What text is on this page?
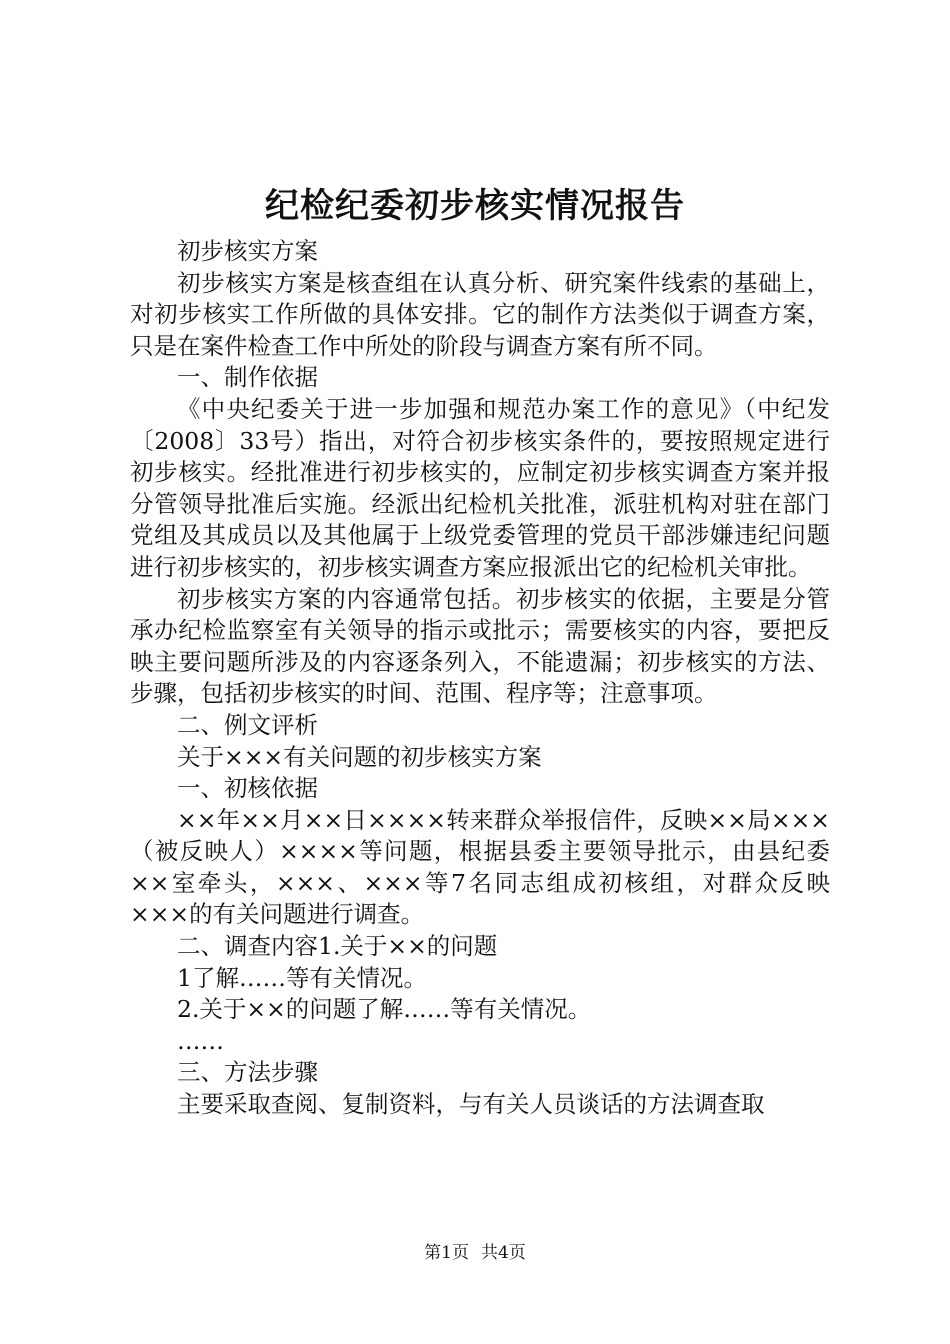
纪检纪委初步核实情况报告

初步核实方案

初步核实方案是核查组在认真分析、研究案件线索的基础上，对初步核实工作所做的具体安排。它的制作方法类似于调查方案，只是在案件检查工作中所处的阶段与调查方案有所不同。

一、制作依据

《中央纪委关于进一步加强和规范办案工作的意见》（中纪发〔2008〕33号）指出，对符合初步核实条件的，要按照规定进行初步核实。经批准进行初步核实的，应制定初步核实调查方案并报分管领导批准后实施。经派出纪检机关批准，派驻机构对驻在部门党组及其成员以及其他属于上级党委管理的党员干部涉嫌违纪问题进行初步核实的，初步核实调查方案应报派出它的纪检机关审批。

初步核实方案的内容通常包括。初步核实的依据，主要是分管承办纪检监察室有关领导的指示或批示；需要核实的内容，要把反映主要问题所涉及的内容逐条列入，不能遗漏；初步核实的方法、步骤，包括初步核实的时间、范围、程序等；注意事项。

二、例文评析

关于×××有关问题的初步核实方案

一、初核依据

××年××月××日××××转来群众举报信件，反映××局×××（被反映人）××××等问题，根据县委主要领导批示，由县纪委××室牵头，×××、×××等7名同志组成初核组，对群众反映×××的有关问题进行调查。

二、调查内容1.关于××的问题

1了解……等有关情况。

2.关于××的问题了解……等有关情况。

……

三、方法步骤

主要采取查阅、复制资料，与有关人员谈话的方法调查取

第1页 共4页
